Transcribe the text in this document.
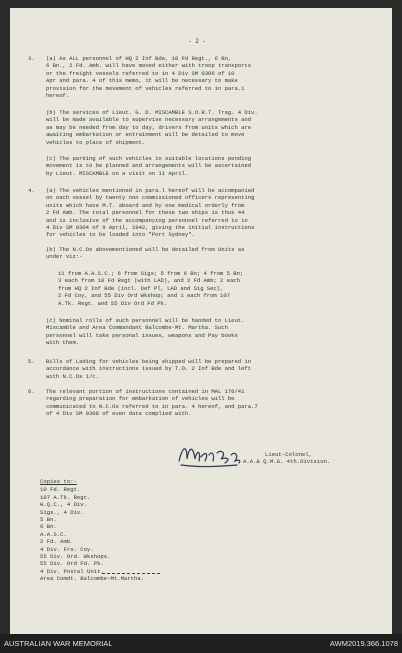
- 2 -
3. (a) As ALL personnel of HQ 2 Inf Bde, 10 Fd Regt., 6 Bn,
6 Bn., 2 Fd. Amb. will have moved either with troop transports
or the freight vessels referred to in 4 Div SM 0306 of 10
Apr and para. 4 of this memo, it will be necessary to make
provision for the movement of vehicles referred to in para.1
hereof.
(b) The services of Lieut. G. D. MISCAMBLE S.O.R.T. Trag. 4 Div.
will be made available to supervise necessary arrangements and
as may be needed from day to day, drivers from units which are
awaiting embarkation or entrainment will be detailed to move
vehicles to place of shipment.
(c) The parking of such vehicles in suitable locations pending
movement is to be planned and arrangements will be ascertained
by Lieut. MISCAMBLE on a visit on 11 April.
4. (a) The vehicles mentioned in para.l hereof will be accompanied
on each vessel by twenty non commissioned officers representing
units which have M.T. aboard and by one medical orderly from
2 Fd Amb. The total personnel for these two ships is thus 44
and is inclusive of the accompanying personnel referred to in
4 Div SM 0304 of 9 April, 1942, giving the initial instructions
for vehicles to be loaded into "Port Sydney".
(b) The N.C.Os abovementioned will be detailed from Units as
under viz:-
11 from A.A.S.C.; 6 from Sigs; 5 from 6 Bn; 4 from 5 Bn;
3 each from 10 Fd Regt (with LAD), and 2 Fd Amb; 2 each
from HQ 2 Inf Bde (incl. Def Pl, LAD and Sig Sec),
2 Fd Coy, and 55 Div Ord Wkshop; and 1 each from 107
A.Tk. Regt. and 55 Div Ord Fd Pk.
(c) Nominal rolls of such personnel will be handed to Lieut.
Miscamble and Area Commandant Balcombe-Mt. Martha. Such
personnel will take personal issues, weapons and Pay books
with them.
5. Bills of Lading for vehicles being shipped will be prepared in
accordance with instructions issued by T.O. 2 Inf Bde and left
with N.C.Os i/c.
6. The relevant portion of instructions contained in MAL 176/41
regarding preparation for embarkation of vehicles will be
communicated to N.C.Os referred to in para. 4 hereof, and para.7
of 4 Div SM 0308 of even date complied with.
Lieut-Colonel,
A.A.& Q.M.G. 4th.Division.
Copies to:-
10 Fd. Regt.
107 A.Tk. Regt.
H.Q.C., 4 Div.
Sigs., 4 Div.
5 Bn.
6 Bn.
A.A.S.C.
2 Fd. Amb.
4 Div. Fro. Coy.
55 Div. Ord. Wkshops.
55 Div. Ord Fd. Pk.
4 Div. Postal Unit.
Area Comdt. Balcombe-Mt.Martha.
AUSTRALIAN WAR MEMORIAL	AWM2019.366.1078
